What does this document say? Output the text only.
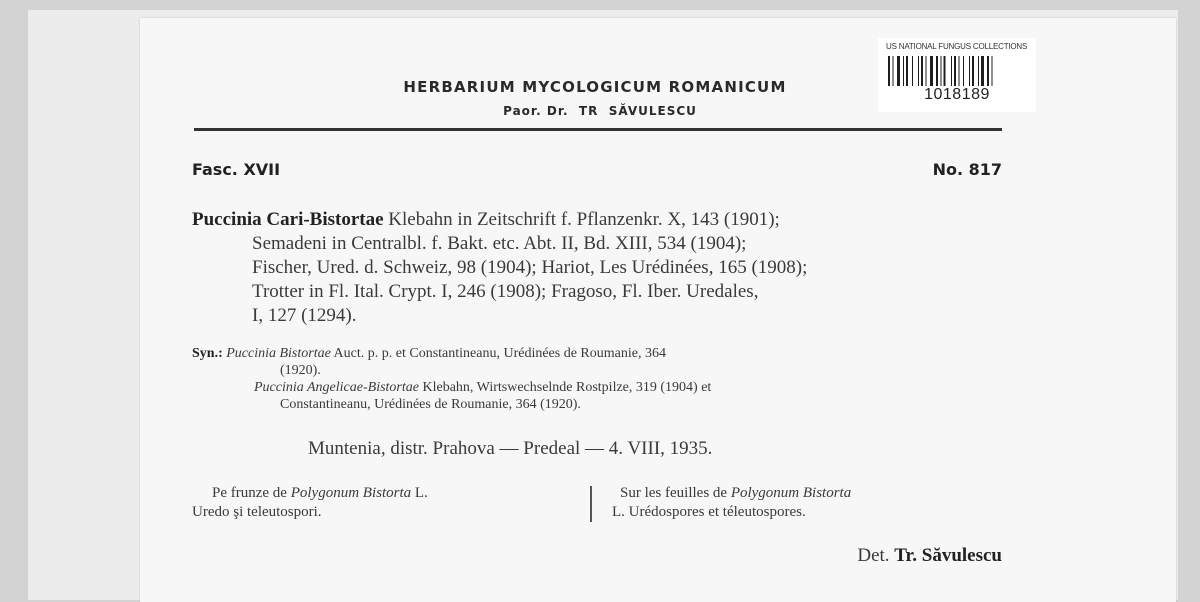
US NATIONAL FUNGUS COLLECTIONS
1018189
HERBARIUM MYCOLOGICUM ROMANICUM
Paor. Dr.  TR  SĂVULESCU
Fasc. XVII	No. 817
Puccinia Cari-Bistortae Klebahn in Zeitschrift f. Pflanzenkr. X, 143 (1901);
Semadeni in Centralbl. f. Bakt. etc. Abt. II, Bd. XIII, 534 (1904);
Fischer, Ured. d. Schweiz, 98 (1904); Hariot, Les Urédinées, 165 (1908);
Trotter in Fl. Ital. Crypt. I, 246 (1908); Fragoso, Fl. Iber. Uredales,
I, 127 (1294).
Syn.: Puccinia Bistortae Auct. p. p. et Constantineanu, Urédinées de Roumanie, 364
(1920).
Puccinia Angelicae-Bistortae Klebahn, Wirtswechselnde Rostpilze, 319 (1904) et
Constantineanu, Urédinées de Roumanie, 364 (1920).
Muntenia, distr. Prahova — Predeal — 4. VIII, 1935.
Pe frunze de Polygonum Bistorta L.
Uredo şi teleutospori.
Sur les feuilles de Polygonum Bistorta
L. Urédospores et téleutospores.
Det. Tr. Săvulescu
